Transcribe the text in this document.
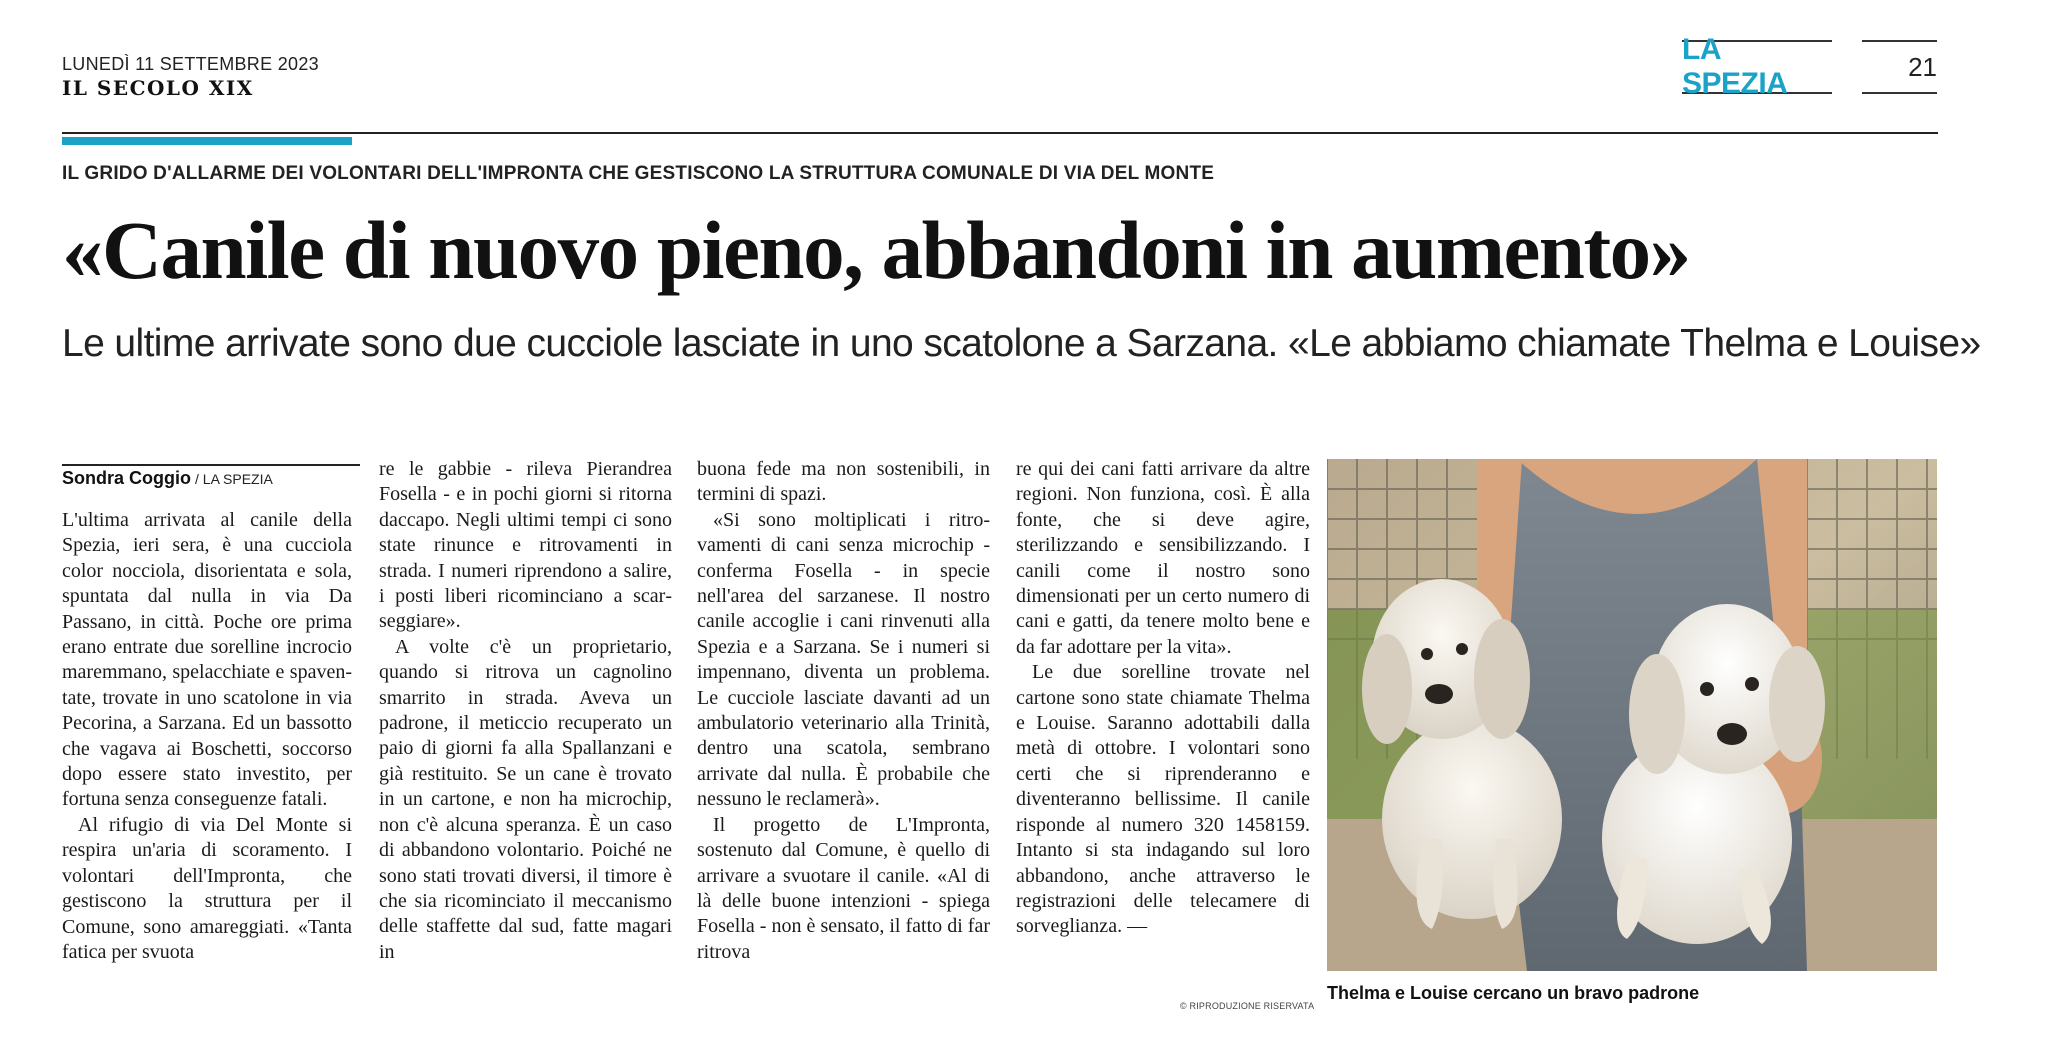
LUNEDÌ 11 SETTEMBRE 2023
IL SECOLO XIX
LA SPEZIA
21
IL GRIDO D'ALLARME DEI VOLONTARI DELL'IMPRONTA CHE GESTISCONO LA STRUTTURA COMUNALE DI VIA DEL MONTE
«Canile di nuovo pieno, abbandoni in aumento»
Le ultime arrivate sono due cucciole lasciate in uno scatolone a Sarzana. «Le abbiamo chiamate Thelma e Louise»
Sondra Coggio / LA SPEZIA

L'ultima arrivata al canile della Spezia, ieri sera, è una cucciola color nocciola, disorientata e sola, spuntata dal nulla in via Da Passano, in città. Poche ore prima erano entrate due sorelline incrocio maremmano, spelacchiate e spaventate, trovate in uno scatolone in via Pecorina, a Sarzana. Ed un bassotto che vagava ai Boschetti, soccorso dopo essere stato investito, per fortuna senza conseguenze fatali.

Al rifugio di via Del Monte si respira un'aria di scoramento. I volontari dell'Impronta, che gestiscono la struttura per il Comune, sono amareggiati. «Tanta fatica per svuota

re le gabbie - rileva Pierandrea Fosella - e in pochi giorni si ritorna daccapo. Negli ultimi tempi ci sono state rinunce e ritrovamenti in strada. I numeri riprendono a salire, i posti liberi ricominciano a scarseggiare».

A volte c'è un proprietario, quando si ritrova un cagnolino smarrito in strada. Aveva un padrone, il meticcio recuperato un paio di giorni fa alla Spallanzani e già restituito. Se un cane è trovato in un cartone, e non ha microchip, non c'è alcuna speranza. È un caso di abbandono volontario. Poiché ne sono stati trovati diversi, il timore è che sia ricominciato il meccanismo delle staffette dal sud, fatte magari in

buona fede ma non sostenibili, in termini di spazi.

«Si sono moltiplicati i ritrovamenti di cani senza microchip - conferma Fosella - in specie nell'area del sarzanese. Il nostro canile accoglie i cani rinvenuti alla Spezia e a Sarzana. Se i numeri si impennano, diventa un problema. Le cucciole lasciate davanti ad un ambulatorio veterinario alla Trinità, dentro una scatola, sembrano arrivate dal nulla. È probabile che nessuno le reclamerà».

Il progetto de L'Impronta, sostenuto dal Comune, è quello di arrivare a svuotare il canile. «Al di là delle buone intenzioni - spiega Fosella - non è sensato, il fatto di far ritrova

re qui dei cani fatti arrivare da altre regioni. Non funziona, così. È alla fonte, che si deve agire, sterilizzando e sensibilizzando. I canili come il nostro sono dimensionati per un certo numero di cani e gatti, da tenere molto bene e da far adottare per la vita».

Le due sorelline trovate nel cartone sono state chiamate Thelma e Louise. Saranno adottabili dalla metà di ottobre. I volontari sono certi che si riprenderanno e diventeranno bellissime. Il canile risponde al numero 320 1458159. Intanto si sta indagando sul loro abbandono, anche attraverso le registrazioni delle telecamere di sorveglianza. —

© RIPRODUZIONE RISERVATA
Thelma e Louise cercano un bravo padrone
